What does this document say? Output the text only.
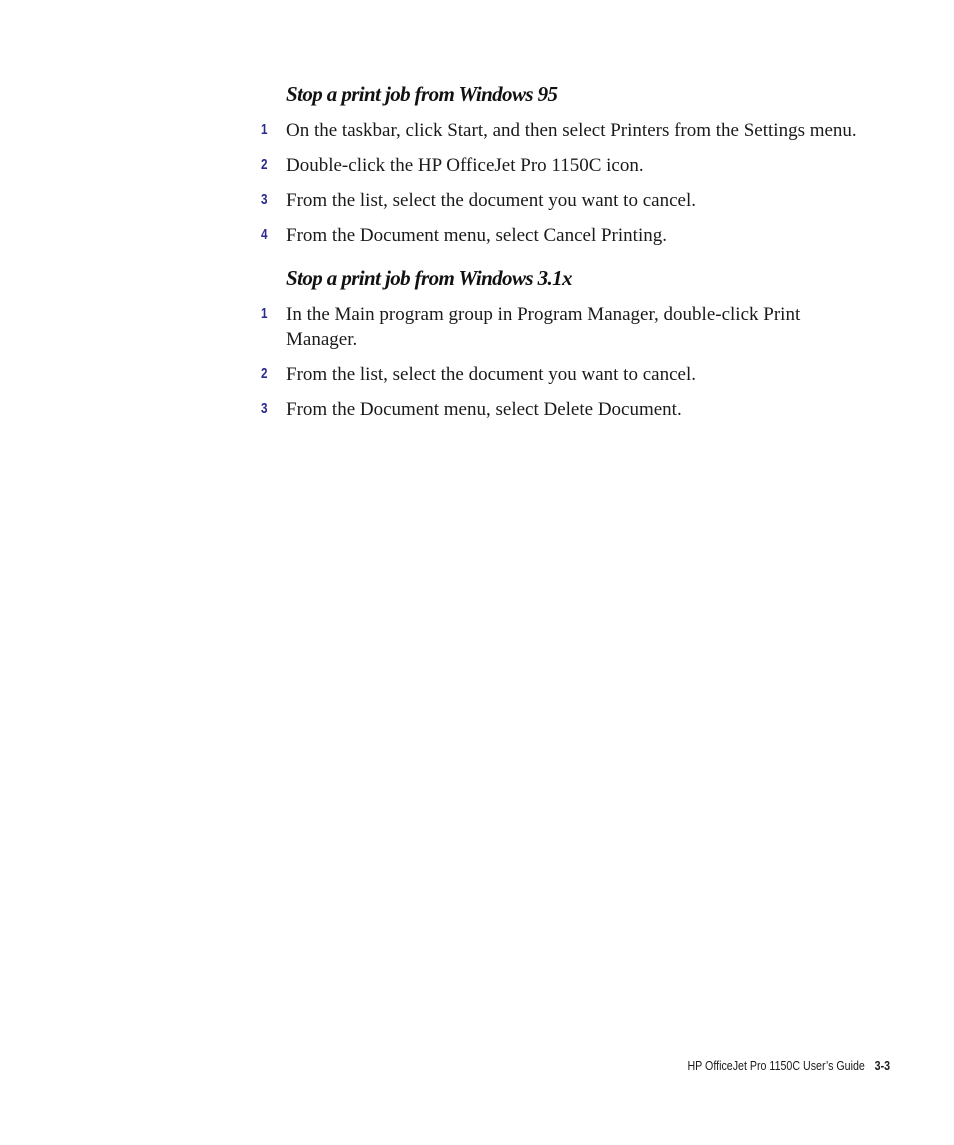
Stop a print job from Windows 95
1 On the taskbar, click Start, and then select Printers from the Settings menu.
2 Double-click the HP OfficeJet Pro 1150C icon.
3 From the list, select the document you want to cancel.
4 From the Document menu, select Cancel Printing.
Stop a print job from Windows 3.1x
1 In the Main program group in Program Manager, double-click Print Manager.
2 From the list, select the document you want to cancel.
3 From the Document menu, select Delete Document.
HP OfficeJet Pro 1150C User’s Guide 3-3
